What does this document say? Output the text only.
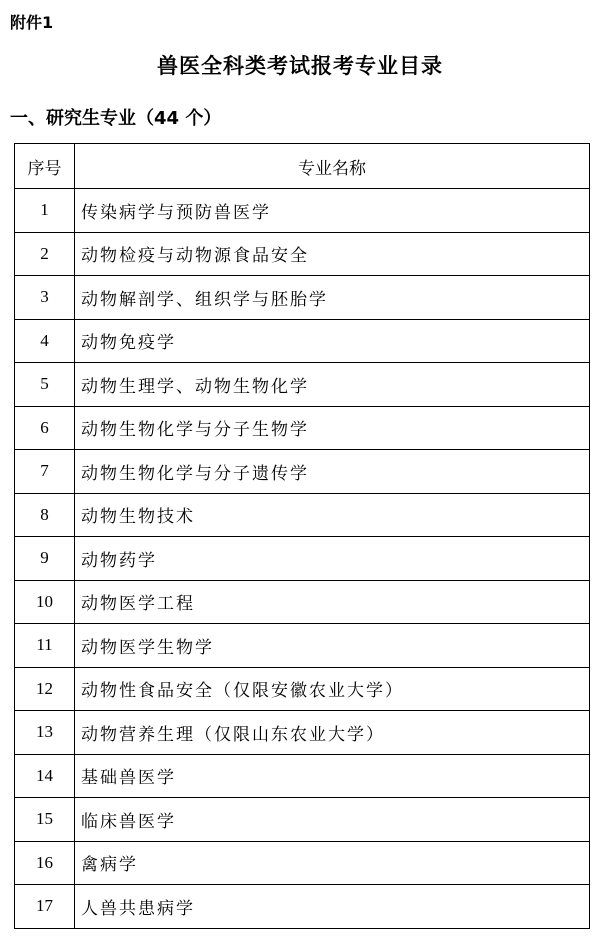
附件1
兽医全科类考试报考专业目录
一、研究生专业（44 个）
序号	专业名称
1	传染病学与预防兽医学
2	动物检疫与动物源食品安全
3	动物解剖学、组织学与胚胎学
4	动物免疫学
5	动物生理学、动物生物化学
6	动物生物化学与分子生物学
7	动物生物化学与分子遗传学
8	动物生物技术
9	动物药学
10	动物医学工程
11	动物医学生物学
12	动物性食品安全（仅限安徽农业大学）
13	动物营养生理（仅限山东农业大学）
14	基础兽医学
15	临床兽医学
16	禽病学
17	人兽共患病学
